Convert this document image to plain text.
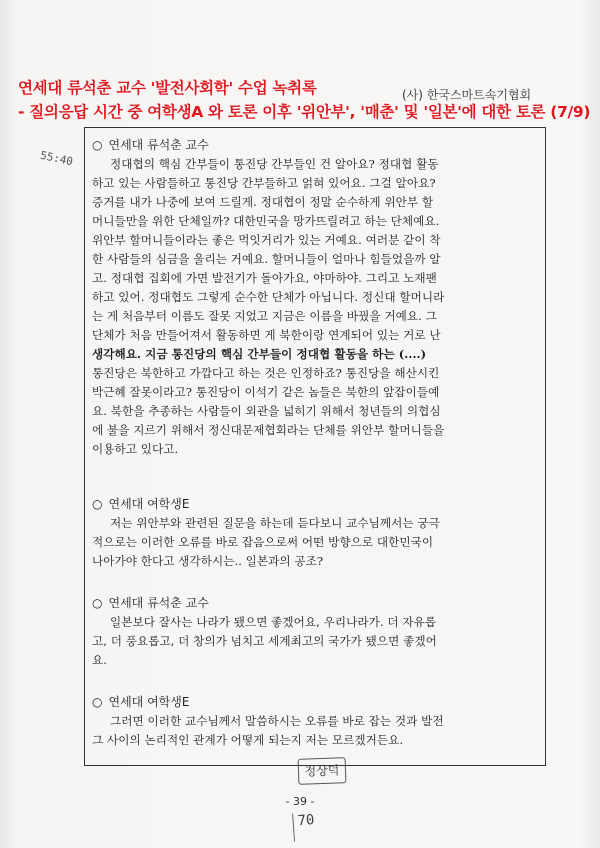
연세대 류석춘 교수 '발전사회학' 수업 녹취록	(사) 한국스마트속기협회
- 질의응답 시간 중 여학생A 와 토론 이후 '위안부', '매춘' 및 '일본'에 대한 토론 (7/9)
55:40
○ 연세대 류석춘 교수
정대협의 핵심 간부들이 통진당 간부들인 건 알아요? 정대협 활동
하고 있는 사람들하고 통진당 간부들하고 얽혀 있어요. 그걸 알아요?
증거를 내가 나중에 보여 드릴게. 정대협이 정말 순수하게 위안부 할
머니들만을 위한 단체일까? 대한민국을 망가뜨릴려고 하는 단체예요.
위안부 할머니들이라는 좋은 먹잇거리가 있는 거예요. 여러분 같이 착
한 사람들의 심금을 울리는 거예요. 할머니들이 얼마나 힘들었을까 알
고. 정대협 집회에 가면 발전기가 돌아가요, 야마하야. 그리고 노재팬
하고 있어. 정대협도 그렇게 순수한 단체가 아닙니다. 정신대 할머니라
는 게 처음부터 이름도 잘못 지었고 지금은 이름을 바꿨을 거예요. 그
단체가 처음 만들어져서 활동하면 게 북한이랑 연계되어 있는 거로 난
생각해요. 지금 통진당의 핵심 간부들이 정대협 활동을 하는 (....)
통진당은 북한하고 가깝다고 하는 것은 인정하죠? 통진당을 해산시킨
박근혜 잘못이라고? 통진당이 이석기 같은 놈들은 북한의 앞잡이들예
요. 북한을 추종하는 사람들이 외관을 넓히기 위해서 청년들의 의협심
에 불을 지르기 위해서 정신대문제협회라는 단체를 위안부 할머니들을
이용하고 있다고.
○ 연세대 여학생E
저는 위안부와 관련된 질문을 하는데 듣다보니 교수님께서는 궁극
적으로는 이러한 오류를 바로 잡음으로써 어떤 방향으로 대한민국이
나아가야 한다고 생각하시는.. 일본과의 공조?
○ 연세대 류석춘 교수
일본보다 잘사는 나라가 됐으면 좋겠어요, 우리나라가. 더 자유롭
고, 더 풍요롭고, 더 창의가 넘치고 세계최고의 국가가 됐으면 좋겠어
요.
○ 연세대 여학생E
그러면 이러한 교수님께서 말씀하시는 오류를 바로 잡는 것과 발전
그 사이의 논리적인 관계가 어떻게 되는지 저는 모르겠거든요.
정상덕
- 39 -
70
